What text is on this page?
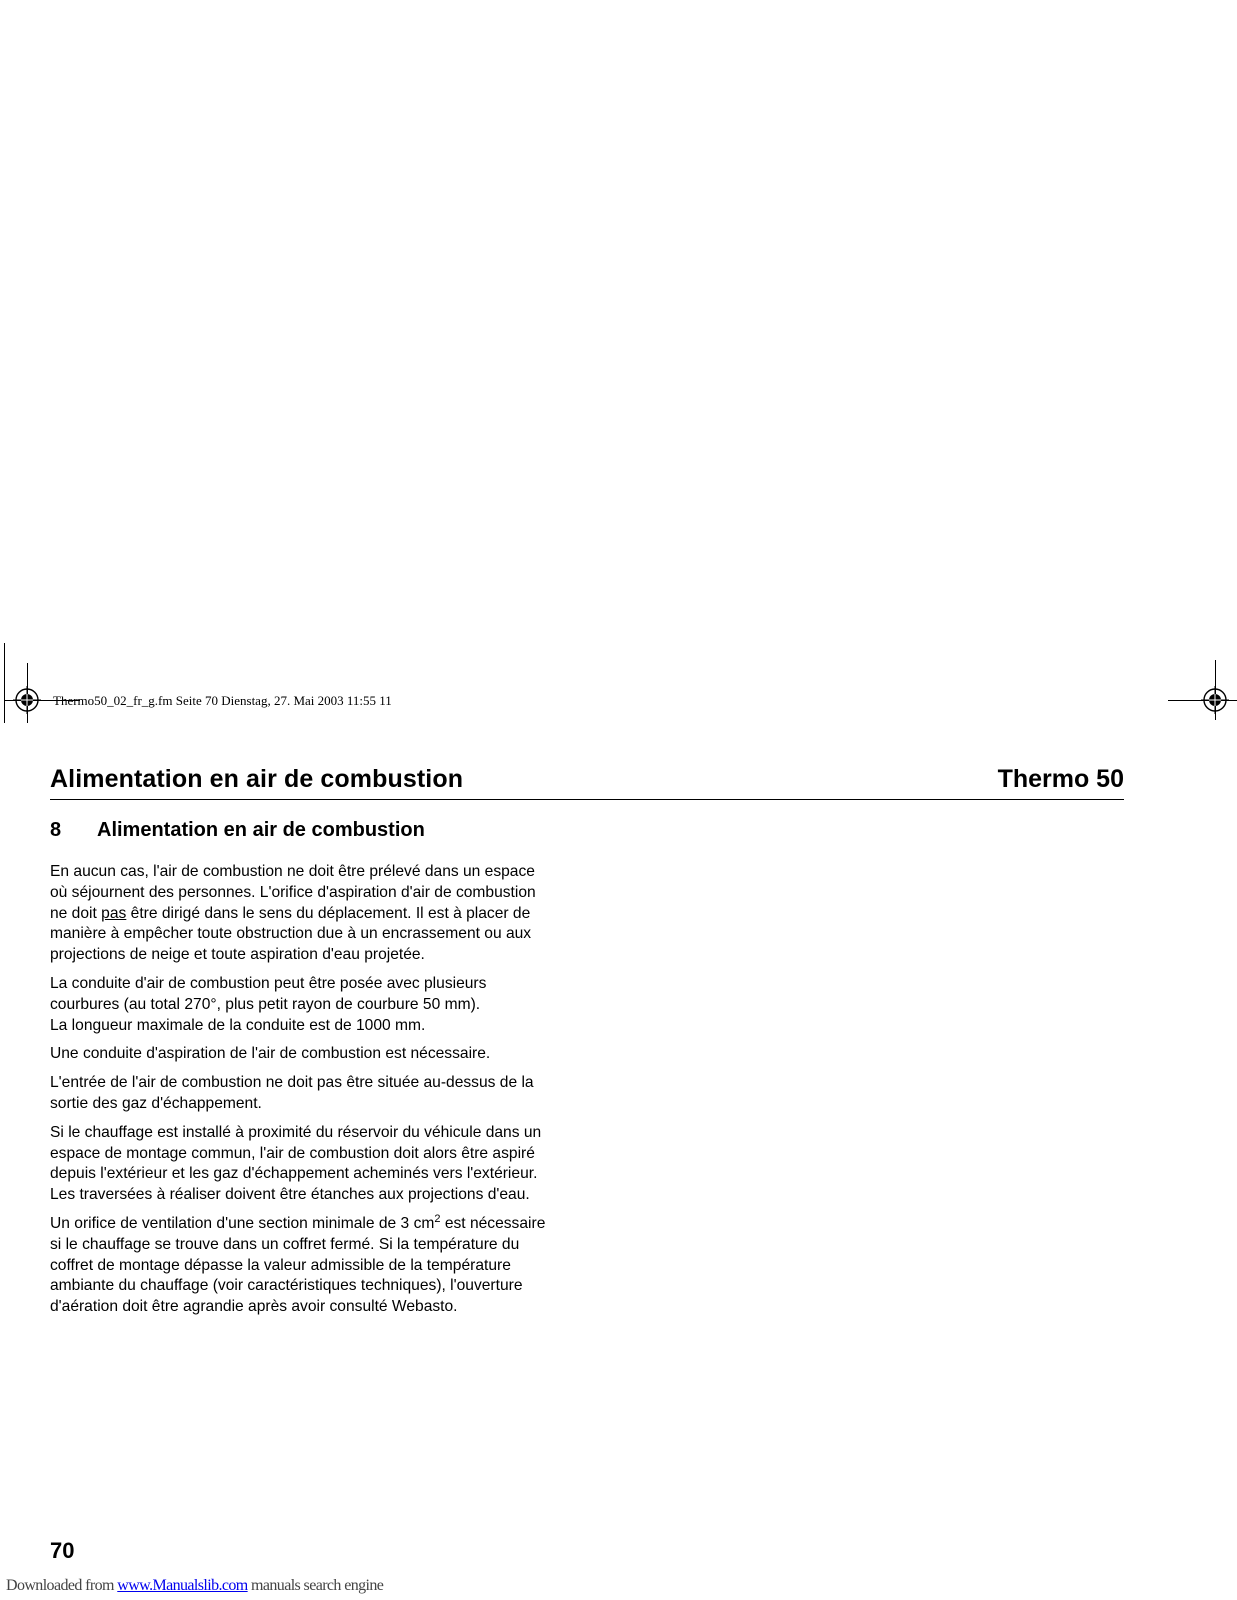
Thermo50_02_fr_g.fm Seite 70 Dienstag, 27. Mai 2003 11:55 11
Alimentation en air de combustion	Thermo 50
8 Alimentation en air de combustion

En aucun cas, l'air de combustion ne doit être prélevé dans un espace
où séjournent des personnes. L'orifice d'aspiration d'air de combustion
ne doit pas être dirigé dans le sens du déplacement. Il est à placer de
manière à empêcher toute obstruction due à un encrassement ou aux
projections de neige et toute aspiration d'eau projetée.

La conduite d'air de combustion peut être posée avec plusieurs
courbures (au total 270°, plus petit rayon de courbure 50 mm).
La longueur maximale de la conduite est de 1000 mm.

Une conduite d'aspiration de l'air de combustion est nécessaire.

L'entrée de l'air de combustion ne doit pas être située au-dessus de la
sortie des gaz d'échappement.

Si le chauffage est installé à proximité du réservoir du véhicule dans un
espace de montage commun, l'air de combustion doit alors être aspiré
depuis l'extérieur et les gaz d'échappement acheminés vers l'extérieur.
Les traversées à réaliser doivent être étanches aux projections d'eau.

Un orifice de ventilation d'une section minimale de 3 $cm^2$ est nécessaire
si le chauffage se trouve dans un coffret fermé. Si la température du
coffret de montage dépasse la valeur admissible de la température
ambiante du chauffage (voir caractéristiques techniques), l'ouverture
d'aération doit être agrandie après avoir consulté Webasto.

70
Downloaded from www.Manualslib.com manuals search engine
